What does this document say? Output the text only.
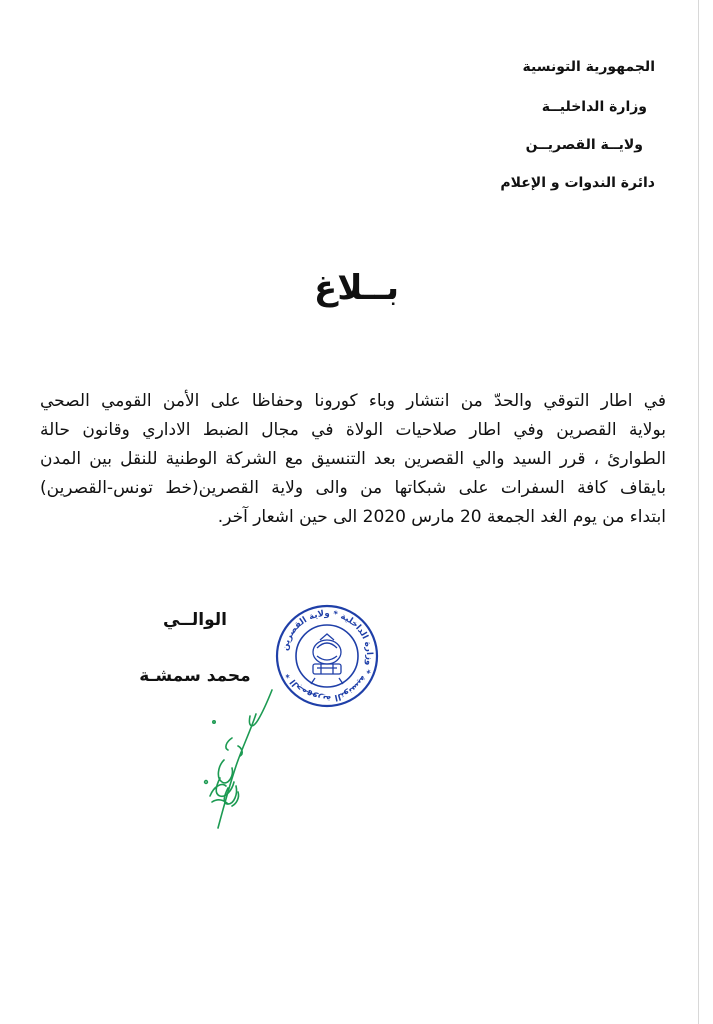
الجمهورية التونسية
وزارة الداخليــة
ولايــة القصريــن
دائرة الندوات و الإعلام
بــلاغ
في اطار التوقي والحدّ من انتشار وباء كورونا وحفاظا على الأمن القومي الصحي
بولاية القصرين وفي اطار صلاحيات الولاة في مجال الضبط الاداري وقانون حالة
الطوارئ ، قرر السيد والي القصرين بعد التنسيق مع الشركة الوطنية للنقل بين المدن
بايقاف كافة السفرات على شبكاتها من والى ولاية القصرين(خط تونس-القصرين)
ابتداء من يوم الغد الجمعة 20 مارس 2020 الى حين اشعار آخر.
الوالــي
محمد سمشـة
الجمهورية التونسية * وزارة الداخلية * ولاية القصرين *
